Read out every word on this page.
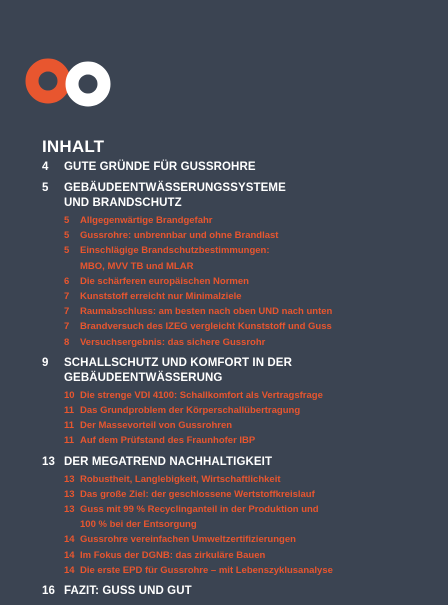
INHALT
4	GUTE GRÜNDE FÜR GUSSROHRE
5	GEBÄUDEENTWÄSSERUNGSSYSTEME
UND BRANDSCHUTZ
5	Allgegenwärtige Brandgefahr
5	Gussrohre: unbrennbar und ohne Brandlast
5	Einschlägige Brandschutzbestimmungen:
MBO, MVV TB und MLAR
6	Die schärferen europäischen Normen
7	Kunststoff erreicht nur Minimalziele
7	Raumabschluss: am besten nach oben UND nach unten
7	Brandversuch des IZEG vergleicht Kunststoff und Guss
8	Versuchsergebnis: das sichere Gussrohr
9	SCHALLSCHUTZ UND KOMFORT IN DER
GEBÄUDEENTWÄSSERUNG
10 Die strenge VDI 4100: Schallkomfort als Vertragsfrage
11 Das Grundproblem der Körperschallübertragung
11 Der Massevorteil von Gussrohren
11 Auf dem Prüfstand des Fraunhofer IBP
13 DER MEGATREND NACHHALTIGKEIT
13 Robustheit, Langlebigkeit, Wirtschaftlichkeit
13 Das große Ziel: der geschlossene Wertstoffkreislauf
13 Guss mit 99 % Recyclinganteil in der Produktion und
100 % bei der Entsorgung
14 Gussrohre vereinfachen Umweltzertifizierungen
14 Im Fokus der DGNB: das zirkuläre Bauen
14 Die erste EPD für Gussrohre – mit Lebenszyklusanalyse
16 FAZIT: GUSS UND GUT
